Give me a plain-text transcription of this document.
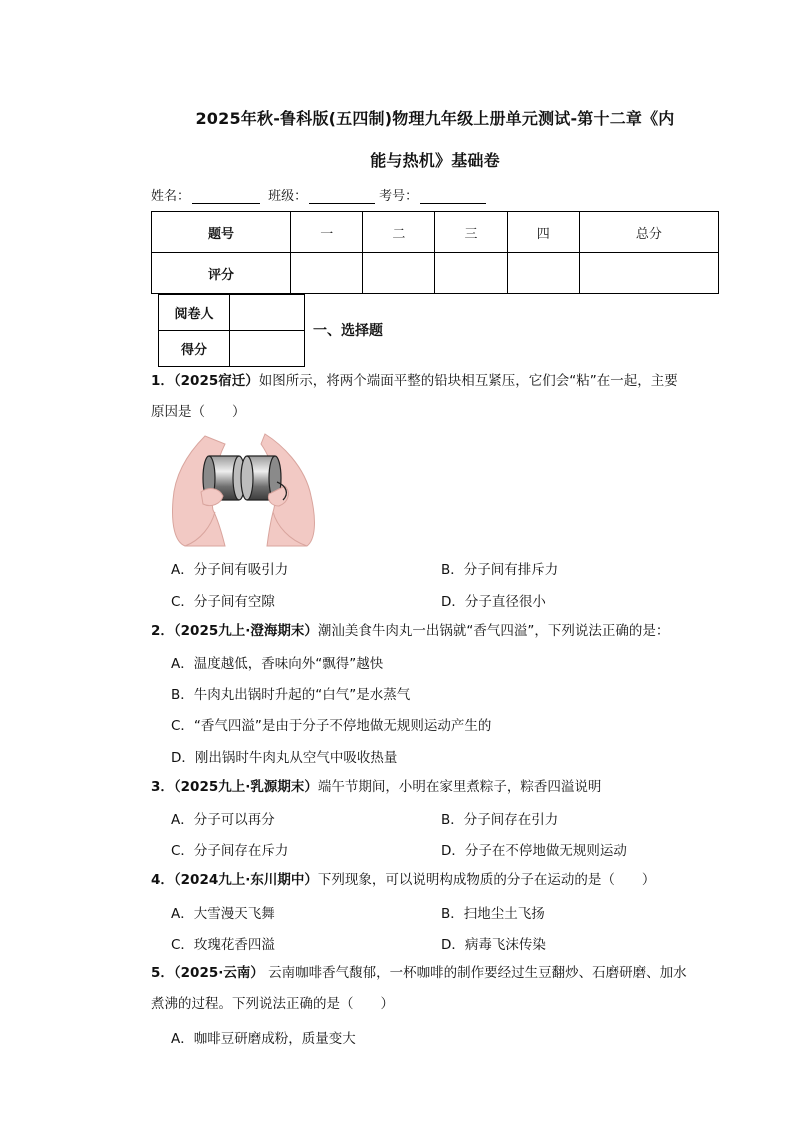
2025年秋-鲁科版(五四制)物理九年级上册单元测试-第十二章《内
能与热机》基础卷
姓名：	班级：	考号：
题号	一	二	三	四	总分
评分					
阅卷人	
得分	
一、选择题
1．（2025宿迁）如图所示，将两个端面平整的铅块相互紧压，它们会“粘”在一起，主要
原因是（　　）
A．分子间有吸引力	B．分子间有排斥力
C．分子间有空隙	D．分子直径很小
2．（2025九上·澄海期末）潮汕美食牛肉丸一出锅就“香气四溢”，下列说法正确的是：
A．温度越低，香味向外“飘得”越快
B．牛肉丸出锅时升起的“白气”是水蒸气
C．“香气四溢”是由于分子不停地做无规则运动产生的
D．刚出锅时牛肉丸从空气中吸收热量
3．（2025九上·乳源期末）端午节期间，小明在家里煮粽子，粽香四溢说明
A．分子可以再分	B．分子间存在引力
C．分子间存在斥力	D．分子在不停地做无规则运动
4．（2024九上·东川期中）下列现象，可以说明构成物质的分子在运动的是（　　）
A．大雪漫天飞舞	B．扫地尘土飞扬
C．玫瑰花香四溢	D．病毒飞沫传染
5．（2025·云南） 云南咖啡香气馥郁，一杯咖啡的制作要经过生豆翻炒、石磨研磨、加水
煮沸的过程。下列说法正确的是（　　）
A．咖啡豆研磨成粉，质量变大
